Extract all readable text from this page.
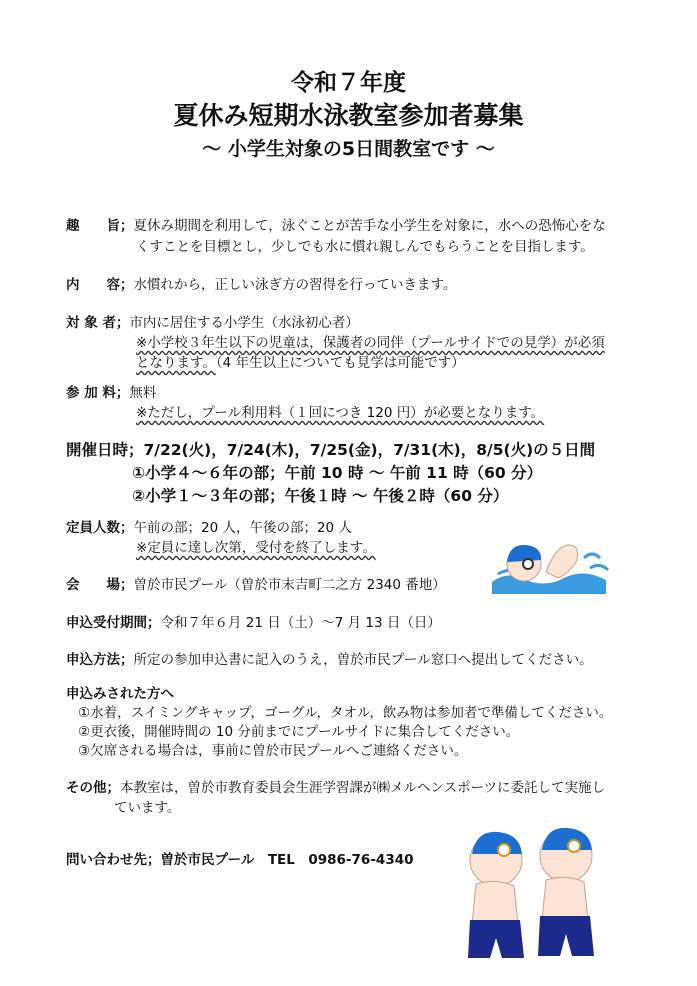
令和７年度
夏休み短期水泳教室参加者募集
～ 小学生対象の5日間教室です ～
趣　　旨；夏休み期間を利用して，泳ぐことが苦手な小学生を対象に，水への恐怖心をな
くすことを目標とし，少しでも水に慣れ親しんでもらうことを目指します。
内　　容；水慣れから，正しい泳ぎ方の習得を行っていきます。
対 象 者；市内に居住する小学生（水泳初心者）
※小学校３年生以下の児童は，保護者の同伴（プールサイドでの見学）が必須
となります。（4 年生以上についても見学は可能です）
参 加 料；無料
※ただし，プール利用料（１回につき 120 円）が必要となります。
開催日時；7/22(火)，7/24(木)，7/25(金)，7/31(木)，8/5(火)の５日間
①小学４～６年の部；午前 10 時 ～ 午前 11 時（60 分）
②小学１～３年の部；午後１時 ～ 午後２時（60 分）
定員人数；午前の部；20 人，午後の部；20 人
※定員に達し次第，受付を終了します。
会　　場；曽於市民プール（曽於市末吉町二之方 2340 番地）
申込受付期間；令和７年６月 21 日（土）～7 月 13 日（日）
申込方法；所定の参加申込書に記入のうえ，曽於市民プール窓口へ提出してください。
申込みされた方へ
①水着，スイミングキャップ，ゴーグル，タオル，飲み物は参加者で準備してください。
②更衣後，開催時間の 10 分前までにプールサイドに集合してください。
③欠席される場合は，事前に曽於市民プールへご連絡ください。
その他；本教室は，曽於市教育委員会生涯学習課が㈱メルヘンスポーツに委託して実施し
ています。
問い合わせ先；曽於市民プール　TEL　0986-76-4340
